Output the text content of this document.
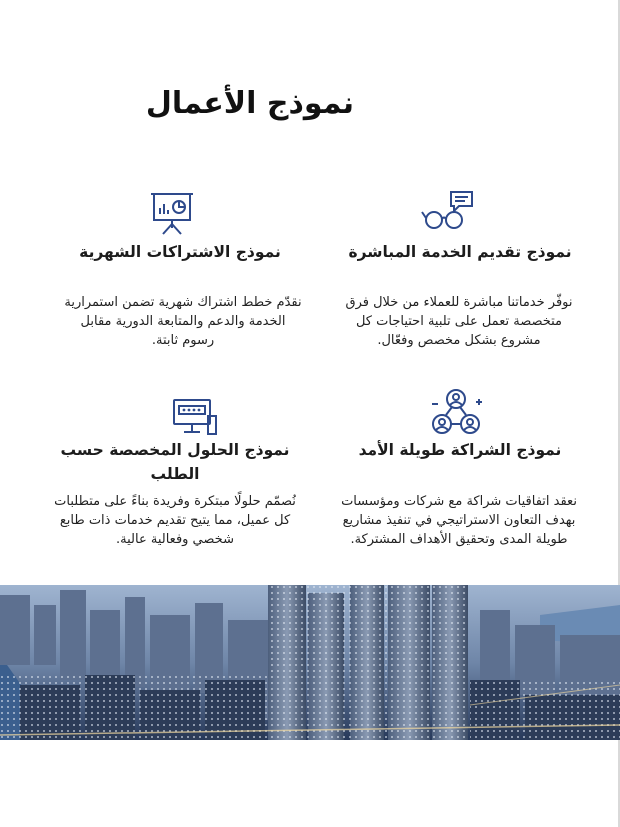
نموذج الأعمال
نموذج تقديم الخدمة المباشرة

نوفّر خدماتنا مباشرة للعملاء من خلال فرق متخصصة تعمل على تلبية احتياجات كل مشروع بشكل مخصص وفعّال.

نموذج الاشتراكات الشهرية

نقدّم خطط اشتراك شهرية تضمن استمرارية الخدمة والدعم والمتابعة الدورية مقابل رسوم ثابتة.

نموذج الشراكة طويلة الأمد

نعقد اتفاقيات شراكة مع شركات ومؤسسات بهدف التعاون الاستراتيجي في تنفيذ مشاريع طويلة المدى وتحقيق الأهداف المشتركة.

نموذج الحلول المخصصة حسب الطلب

نُصمّم حلولًا مبتكرة وفريدة بناءً على متطلبات كل عميل، مما يتيح تقديم خدمات ذات طابع شخصي وفعالية عالية.
